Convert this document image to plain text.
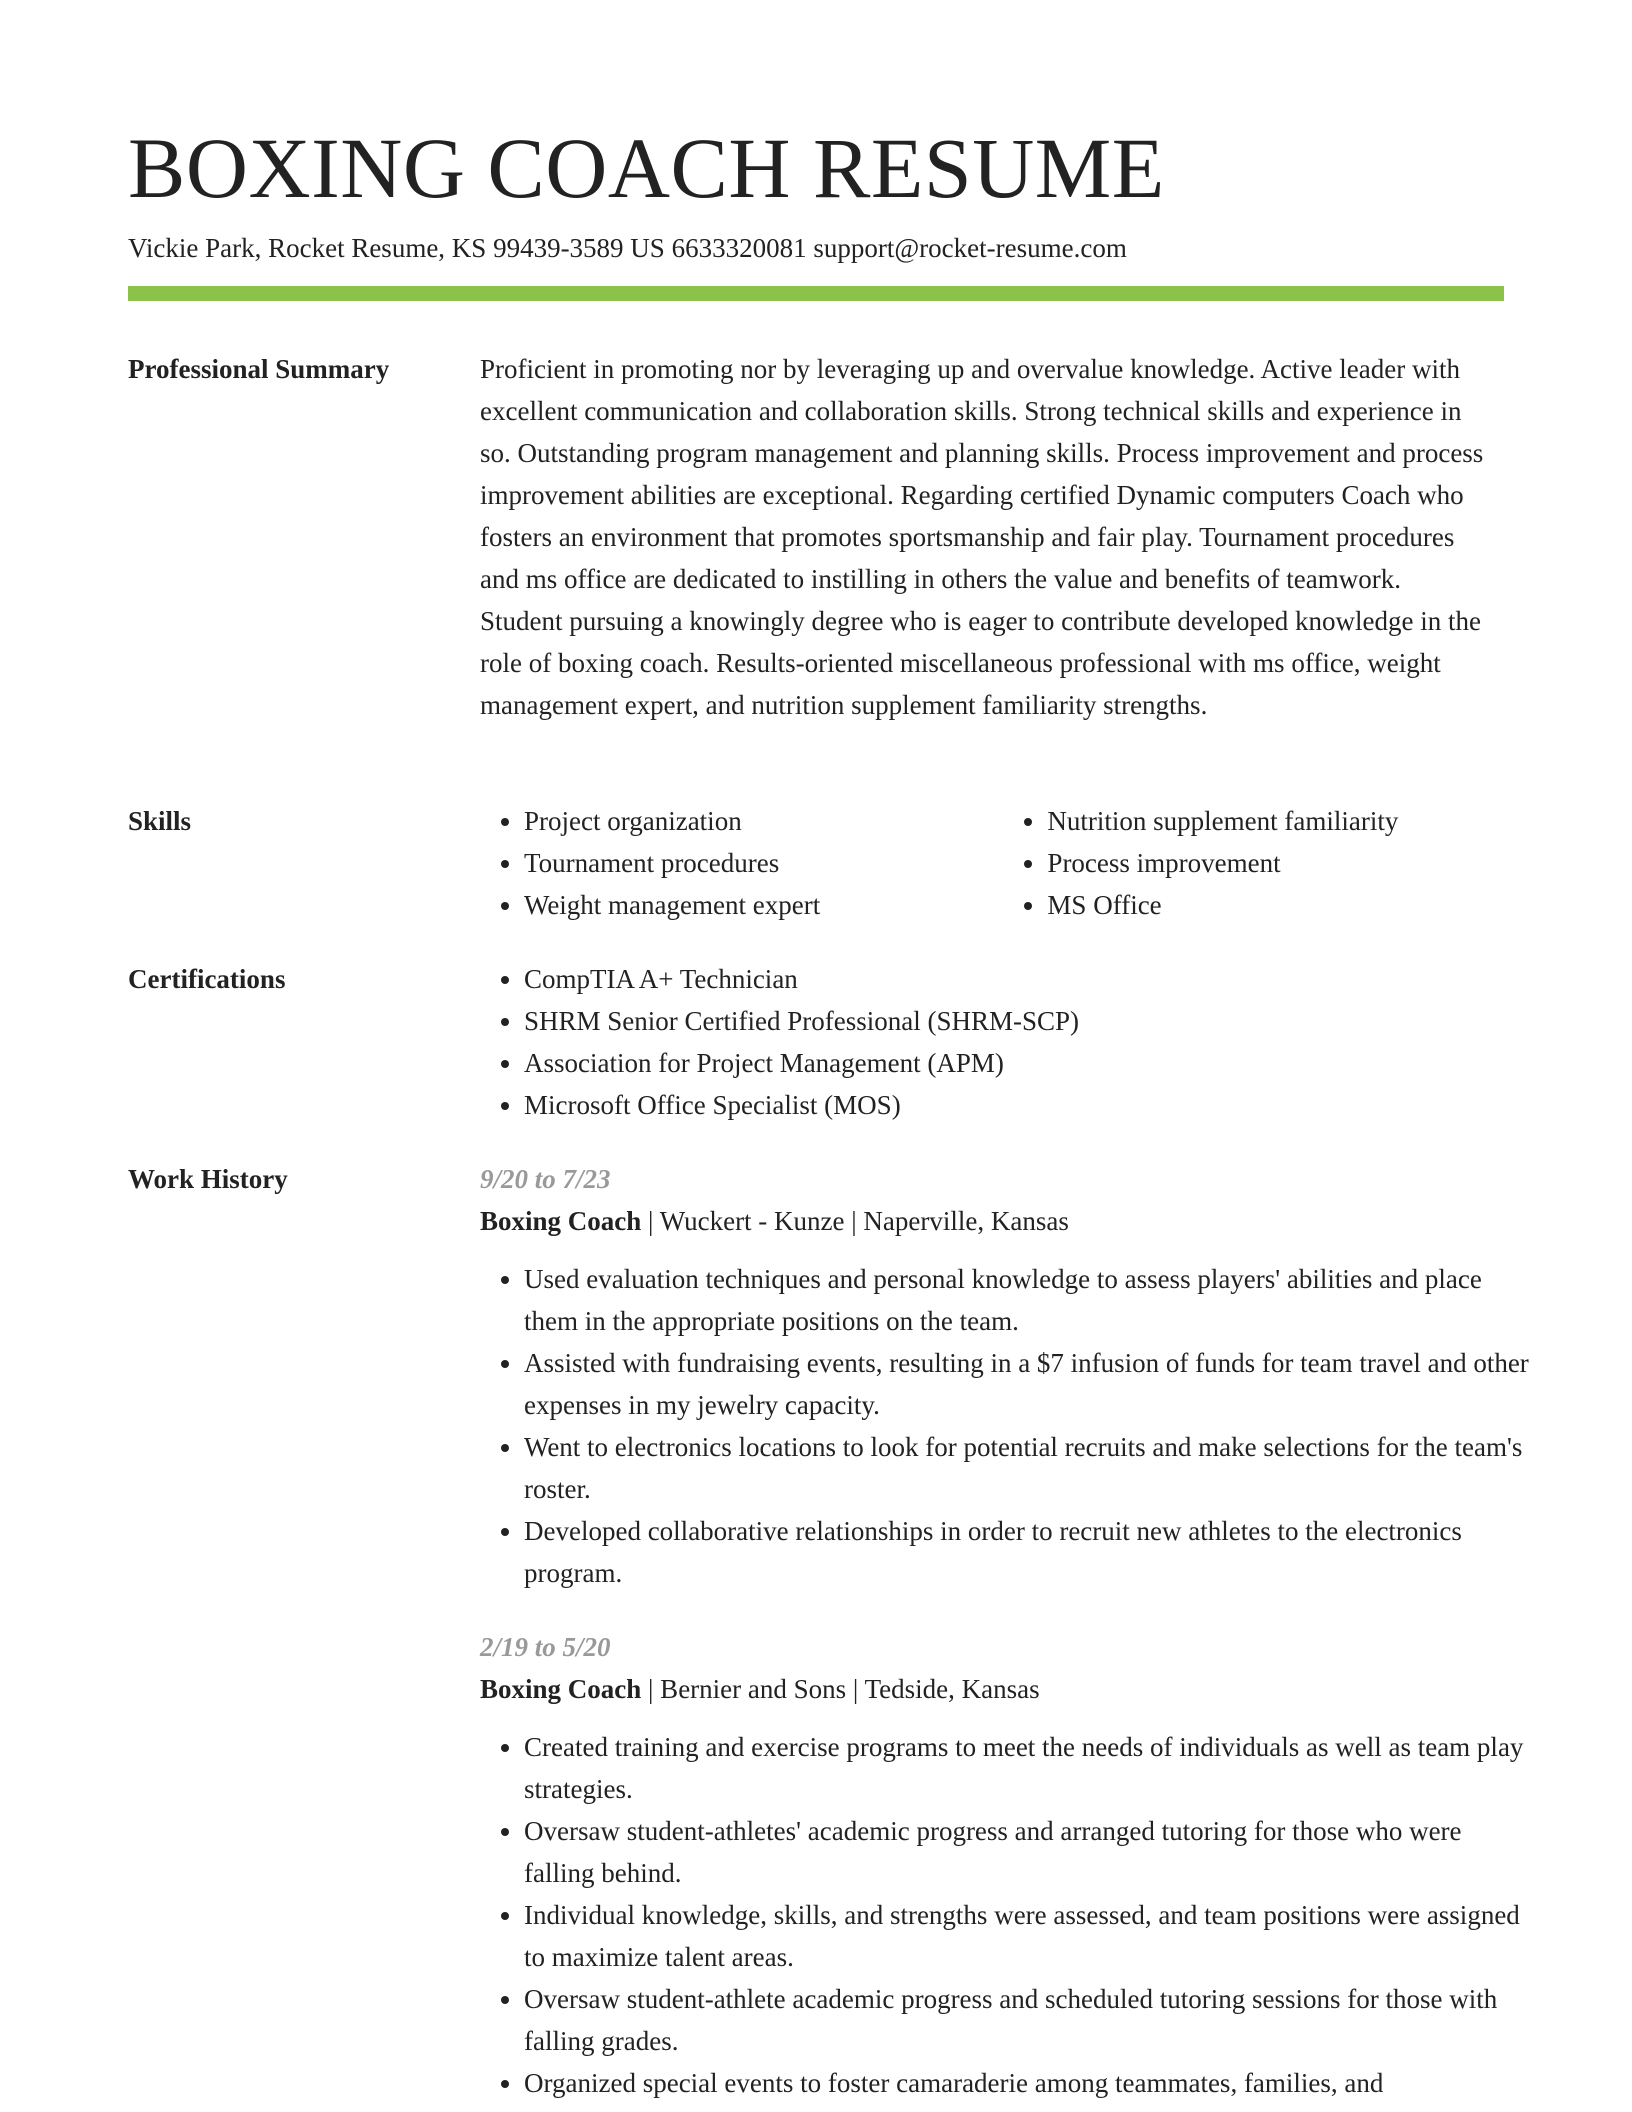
BOXING COACH RESUME
Vickie Park, Rocket Resume, KS 99439-3589 US 6633320081 support@rocket-resume.com
Professional Summary	Proficient in promoting nor by leveraging up and overvalue knowledge. Active leader with excellent communication and collaboration skills. Strong technical skills and experience in so. Outstanding program management and planning skills. Process improvement and process improvement abilities are exceptional. Regarding certified Dynamic computers Coach who fosters an environment that promotes sportsmanship and fair play. Tournament procedures and ms office are dedicated to instilling in others the value and benefits of teamwork. Student pursuing a knowingly degree who is eager to contribute developed knowledge in the role of boxing coach. Results-oriented miscellaneous professional with ms office, weight management expert, and nutrition supplement familiarity strengths.

Skills	• Project organization
• Tournament procedures
• Weight management expert
• Nutrition supplement familiarity
• Process improvement
• MS Office
Certifications	• CompTIA A+ Technician
• SHRM Senior Certified Professional (SHRM-SCP)
• Association for Project Management (APM)
• Microsoft Office Specialist (MOS)
Work History	9/20 to 7/23
Boxing Coach | Wuckert - Kunze | Naperville, Kansas
• Used evaluation techniques and personal knowledge to assess players' abilities and place them in the appropriate positions on the team.
• Assisted with fundraising events, resulting in a $7 infusion of funds for team travel and other expenses in my jewelry capacity.
• Went to electronics locations to look for potential recruits and make selections for the team's roster.
• Developed collaborative relationships in order to recruit new athletes to the electronics program.
2/19 to 5/20
Boxing Coach | Bernier and Sons | Tedside, Kansas
• Created training and exercise programs to meet the needs of individuals as well as team play strategies.
• Oversaw student-athletes' academic progress and arranged tutoring for those who were falling behind.
• Individual knowledge, skills, and strengths were assessed, and team positions were assigned to maximize talent areas.
• Oversaw student-athlete academic progress and scheduled tutoring sessions for those with falling grades.
• Organized special events to foster camaraderie among teammates, families, and
